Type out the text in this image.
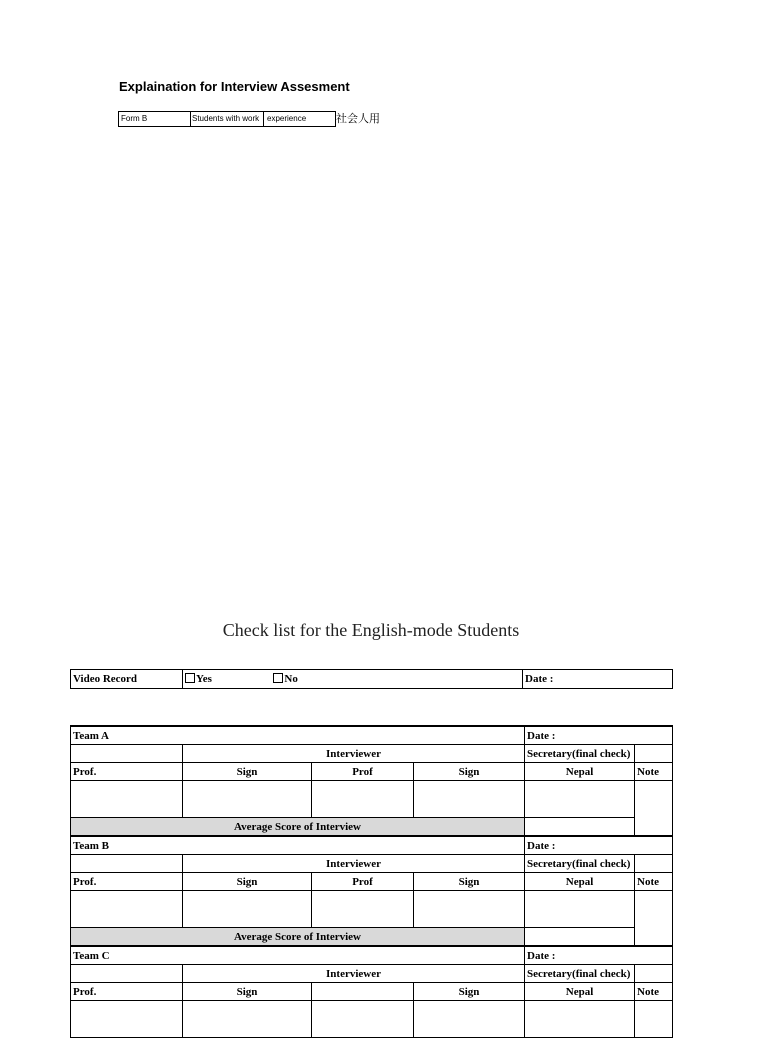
Explaination for Interview Assesment
Form B	Students with work experience	社会人用
Check list for the English-mode Students
Video Record	Yes	No	Date :
Team A				Date :	
	Interviewer			Secretary(final check)	
Prof.	Sign	Prof	Sign	Nepal	Note

Average Score of Interview					
Team B				Date :	
	Interviewer			Secretary(final check)	
Prof.	Sign	Prof	Sign	Nepal	Note

Average Score of Interview					
Team C				Date :	
	Interviewer			Secretary(final check)	
Prof.	Sign		Sign	Nepal	Note
